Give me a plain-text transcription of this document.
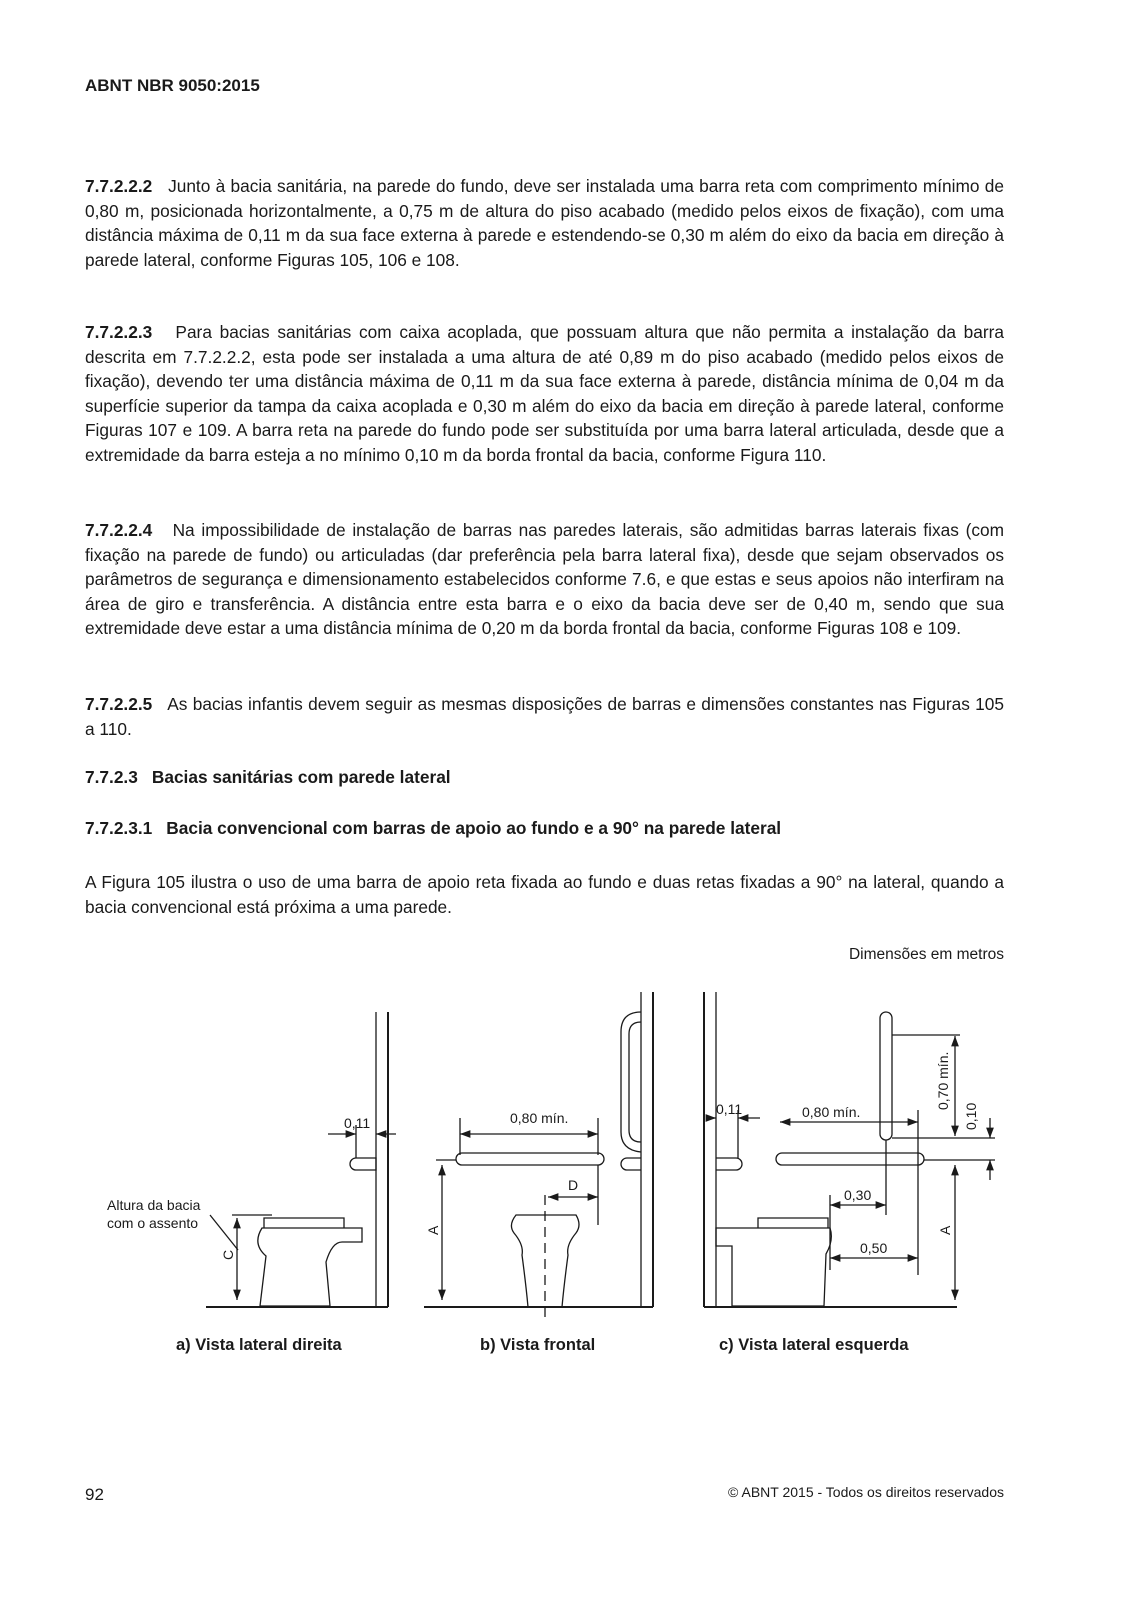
ABNT NBR 9050:2015
7.7.2.2.2 Junto à bacia sanitária, na parede do fundo, deve ser instalada uma barra reta com comprimento mínimo de 0,80 m, posicionada horizontalmente, a 0,75 m de altura do piso acabado (medido pelos eixos de fixação), com uma distância máxima de 0,11 m da sua face externa à parede e estendendo-se 0,30 m além do eixo da bacia em direção à parede lateral, conforme Figuras 105, 106 e 108.
7.7.2.2.3 Para bacias sanitárias com caixa acoplada, que possuam altura que não permita a instalação da barra descrita em 7.7.2.2.2, esta pode ser instalada a uma altura de até 0,89 m do piso acabado (medido pelos eixos de fixação), devendo ter uma distância máxima de 0,11 m da sua face externa à parede, distância mínima de 0,04 m da superfície superior da tampa da caixa acoplada e 0,30 m além do eixo da bacia em direção à parede lateral, conforme Figuras 107 e 109. A barra reta na parede do fundo pode ser substituída por uma barra lateral articulada, desde que a extremidade da barra esteja a no mínimo 0,10 m da borda frontal da bacia, conforme Figura 110.
7.7.2.2.4 Na impossibilidade de instalação de barras nas paredes laterais, são admitidas barras laterais fixas (com fixação na parede de fundo) ou articuladas (dar preferência pela barra lateral fixa), desde que sejam observados os parâmetros de segurança e dimensionamento estabelecidos conforme 7.6, e que estas e seus apoios não interfiram na área de giro e transferência. A distância entre esta barra e o eixo da bacia deve ser de 0,40 m, sendo que sua extremidade deve estar a uma distância mínima de 0,20 m da borda frontal da bacia, conforme Figuras 108 e 109.
7.7.2.2.5 As bacias infantis devem seguir as mesmas disposições de barras e dimensões constantes nas Figuras 105 a 110.
7.7.2.3 Bacias sanitárias com parede lateral
7.7.2.3.1 Bacia convencional com barras de apoio ao fundo e a 90° na parede lateral
A Figura 105 ilustra o uso de uma barra de apoio reta fixada ao fundo e duas retas fixadas a 90° na lateral, quando a bacia convencional está próxima a uma parede.
Dimensões em metros
Altura da bacia
com o assento
C
0,11
A
0,80 mín.
D
0,11	0,80 mín.
0,30
0,50
0,70 mín.
0,10
A
a) Vista lateral direita	b) Vista frontal	c) Vista lateral esquerda
92	© ABNT 2015 - Todos os direitos reservados
